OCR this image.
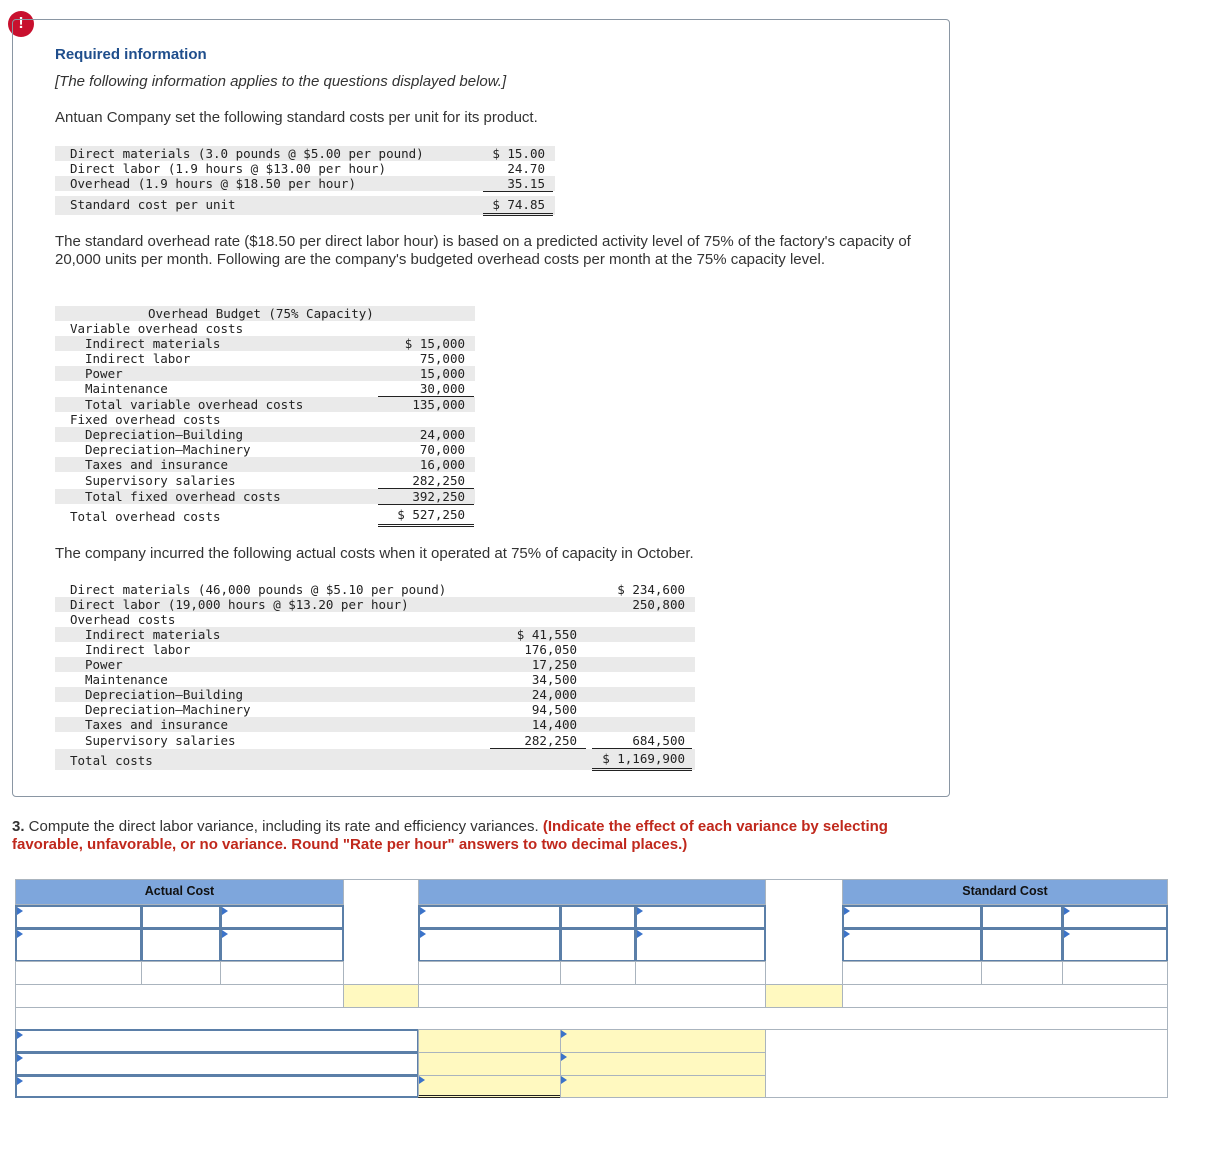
!
Required information
[The following information applies to the questions displayed below.]
Antuan Company set the following standard costs per unit for its product.
Direct materials (3.0 pounds @ $5.00 per pound)	$ 15.00
Direct labor (1.9 hours @ $13.00 per hour)	24.70
Overhead (1.9 hours @ $18.50 per hour)	35.15
Standard cost per unit	$ 74.85
The standard overhead rate ($18.50 per direct labor hour) is based on a predicted activity level of 75% of the factory's capacity of 20,000 units per month. Following are the company's budgeted overhead costs per month at the 75% capacity level.
Overhead Budget (75% Capacity)
Variable overhead costs
Indirect materials	$ 15,000
Indirect labor	75,000
Power	15,000
Maintenance	30,000
Total variable overhead costs	135,000
Fixed overhead costs
Depreciation—Building	24,000
Depreciation—Machinery	70,000
Taxes and insurance	16,000
Supervisory salaries	282,250
Total fixed overhead costs	392,250
Total overhead costs	$ 527,250
The company incurred the following actual costs when it operated at 75% of capacity in October.
Direct materials (46,000 pounds @ $5.10 per pound)	$ 234,600
Direct labor (19,000 hours @ $13.20 per hour)	250,800
Overhead costs
Indirect materials	$ 41,550
Indirect labor	176,050
Power	17,250
Maintenance	34,500
Depreciation—Building	24,000
Depreciation—Machinery	94,500
Taxes and insurance	14,400
Supervisory salaries	282,250	684,500
Total costs	$ 1,169,900
3. Compute the direct labor variance, including its rate and efficiency variances. (Indicate the effect of each variance by selecting favorable, unfavorable, or no variance. Round "Rate per hour" answers to two decimal places.)
Actual Cost	Standard Cost
